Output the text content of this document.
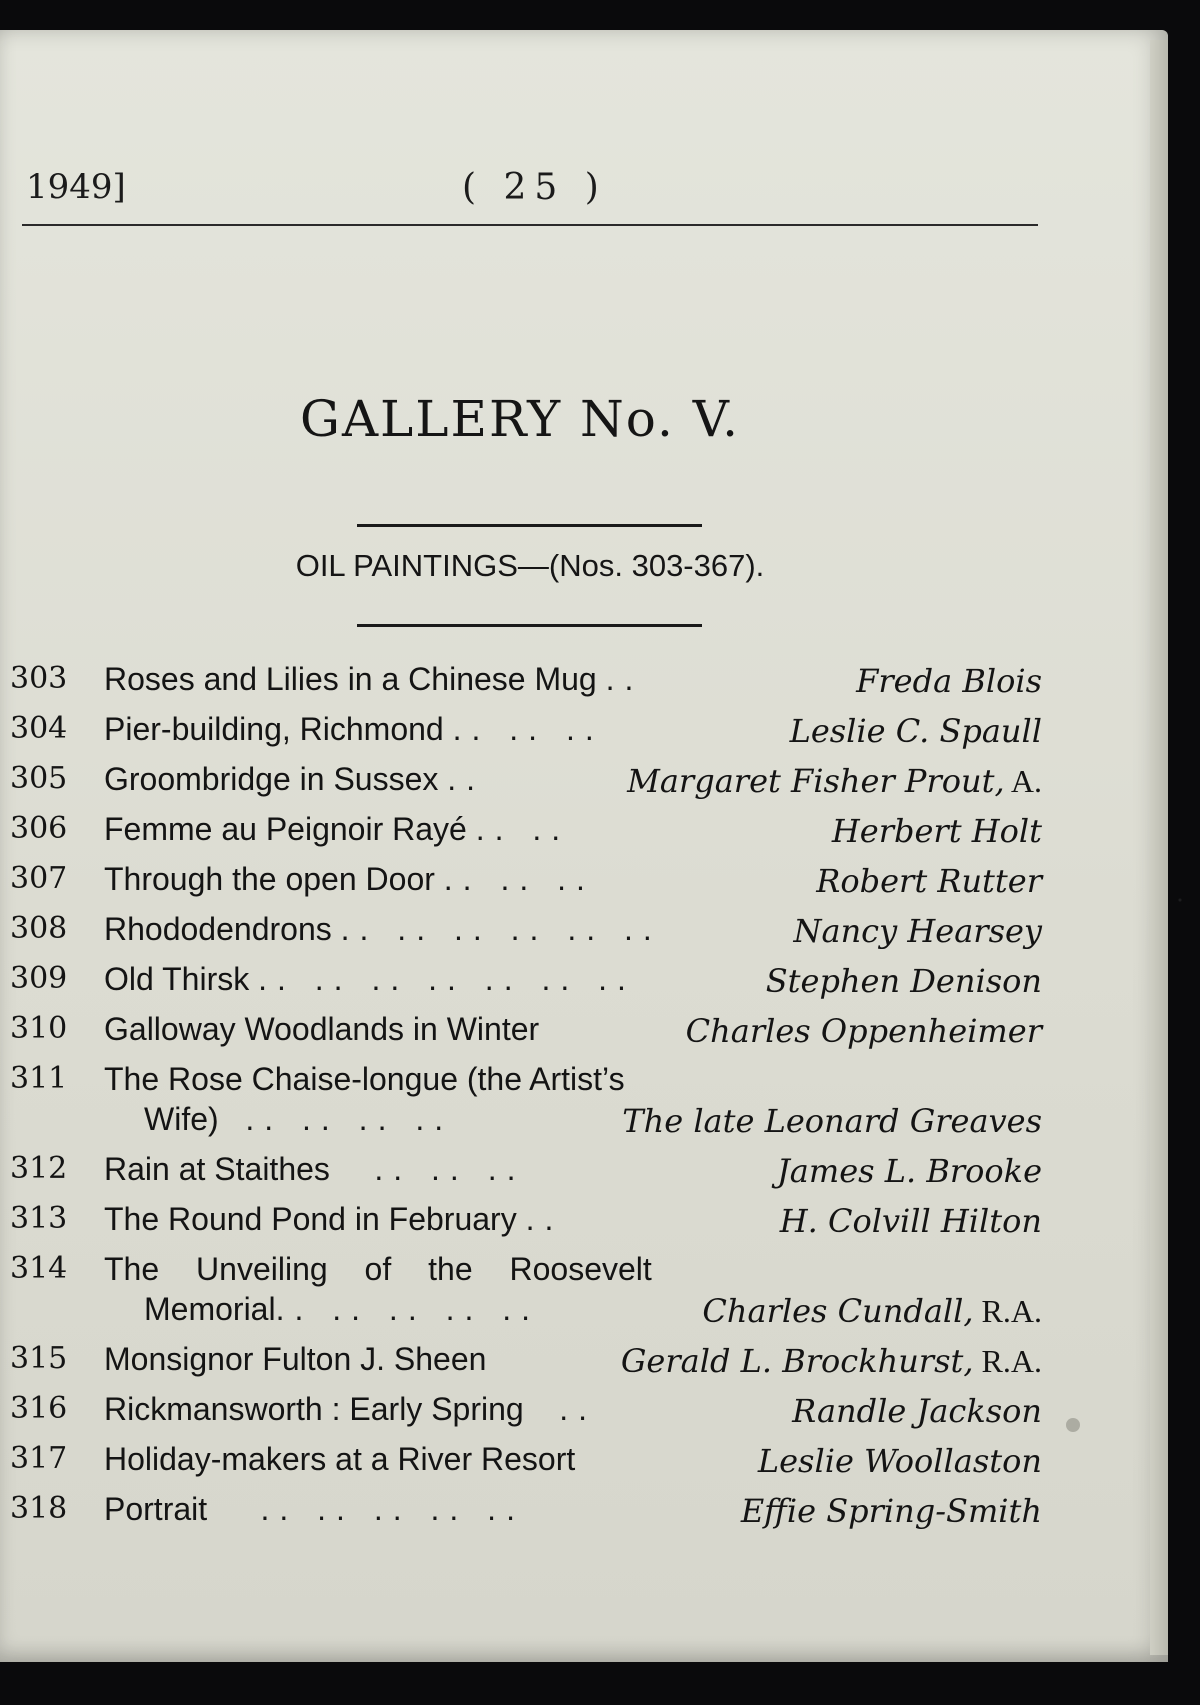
1949]	( 25 )
GALLERY No. V.
OIL PAINTINGS—(Nos. 303-367).
303 Roses and Lilies in a Chinese Mug ..	Freda Blois
304 Pier-building, Richmond .. .. ..	Leslie C. Spaull
305 Groombridge in Sussex ..	Margaret Fisher Prout, A.
306 Femme au Peignoir Rayé .. ..	Herbert Holt
307 Through the open Door .. .. ..	Robert Rutter
308 Rhododendrons .. .. .. .. .. ..	Nancy Hearsey
309 Old Thirsk .. .. .. .. .. .. ..	Stephen Denison
310 Galloway Woodlands in Winter	Charles Oppenheimer
311 The Rose Chaise-longue (the Artist’s
Wife) .. .. .. ..	The late Leonard Greaves
312 Rain at Staithes .. .. ..	James L. Brooke
313 The Round Pond in February ..	H. Colvill Hilton
314 The Unveiling of the Roosevelt
Memorial.. .. .. .. ..	Charles Cundall, R.A.
315 Monsignor Fulton J. Sheen	Gerald L. Brockhurst, R.A.
316 Rickmansworth : Early Spring ..	Randle Jackson
317 Holiday-makers at a River Resort	Leslie Woollaston
318 Portrait .. .. .. .. ..	Effie Spring-Smith
